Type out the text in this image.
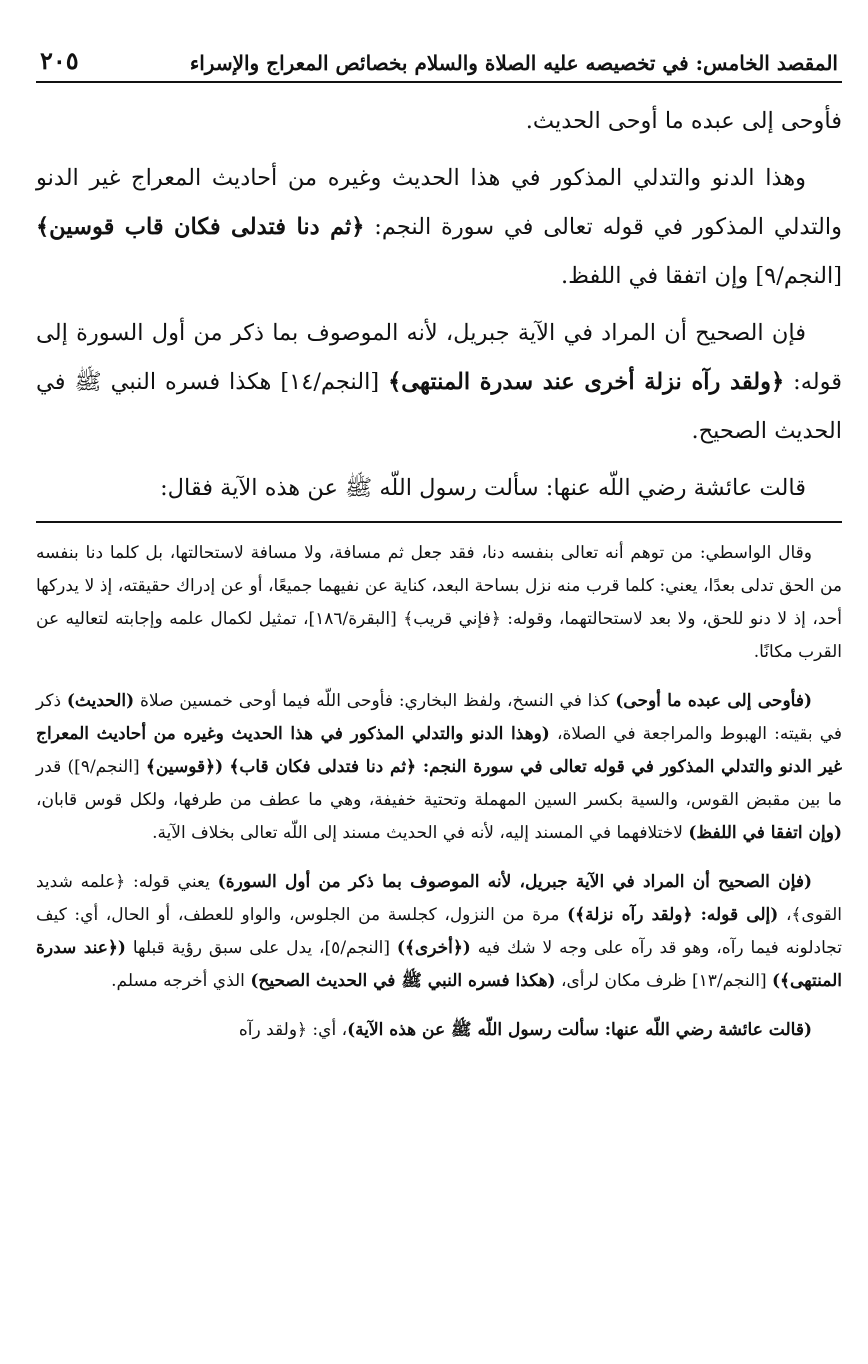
المقصد الخامس: في تخصيصه عليه الصلاة والسلام بخصائص المعراج والإسراء
٢٠٥

فأوحى إلى عبده ما أوحى الحديث.

وهذا الدنو والتدلي المذكور في هذا الحديث وغيره من أحاديث المعراج غير الدنو والتدلي المذكور في قوله تعالى في سورة النجم: ﴿ثم دنا فتدلى فكان قاب قوسين﴾ [النجم/٩] وإن اتفقا في اللفظ.

فإن الصحيح أن المراد في الآية جبريل، لأنه الموصوف بما ذكر من أول السورة إلى قوله: ﴿ولقد رآه نزلة أخرى عند سدرة المنتهى﴾ [النجم/١٤] هكذا فسره النبي ﷺ في الحديث الصحيح.

قالت عائشة رضي اللّه عنها: سألت رسول اللّه ﷺ عن هذه الآية فقال:

وقال الواسطي: من توهم أنه تعالى بنفسه دنا، فقد جعل ثم مسافة، ولا مسافة لاستحالتها، بل كلما دنا بنفسه من الحق تدلى بعدًا، يعني: كلما قرب منه نزل بساحة البعد، كناية عن نفيهما جميعًا، أو عن إدراك حقيقته، إذ لا يدركها أحد، إذ لا دنو للحق، ولا بعد لاستحالتهما، وقوله: ﴿فإني قريب﴾ [البقرة/١٨٦]، تمثيل لكمال علمه وإجابته لتعاليه عن القرب مكانًا.

(فأوحى إلى عبده ما أوحى) كذا في النسخ، ولفظ البخاري: فأوحى اللّه فيما أوحى خمسين صلاة (الحديث) ذكر في بقيته: الهبوط والمراجعة في الصلاة، (وهذا الدنو والتدلي المذكور في هذا الحديث وغيره من أحاديث المعراج غير الدنو والتدلي المذكور في قوله تعالى في سورة النجم: ﴿ثم دنا فتدلى فكان قاب﴾ (﴿قوسين﴾ [النجم/٩]) قدر ما بين مقبض القوس، والسية بكسر السين المهملة وتحتية خفيفة، وهي ما عطف من طرفها، ولكل قوس قابان، (وإن اتفقا في اللفظ) لاختلافهما في المسند إليه، لأنه في الحديث مسند إلى اللّه تعالى بخلاف الآية.

(فإن الصحيح أن المراد في الآية جبريل، لأنه الموصوف بما ذكر من أول السورة) يعني قوله: ﴿علمه شديد القوى﴾، (إلى قوله: ﴿ولقد رآه نزلة﴾) مرة من النزول، كجلسة من الجلوس، والواو للعطف، أو الحال، أي: كيف تجادلونه فيما رآه، وهو قد رآه على وجه لا شك فيه (﴿أخرى﴾) [النجم/٥]، يدل على سبق رؤية قبلها (﴿عند سدرة المنتهى﴾) [النجم/١٣] ظرف مكان لرأى، (هكذا فسره النبي ﷺ في الحديث الصحيح) الذي أخرجه مسلم.

(قالت عائشة رضي اللّه عنها: سألت رسول اللّه ﷺ عن هذه الآية)، أي: ﴿ولقد رآه
